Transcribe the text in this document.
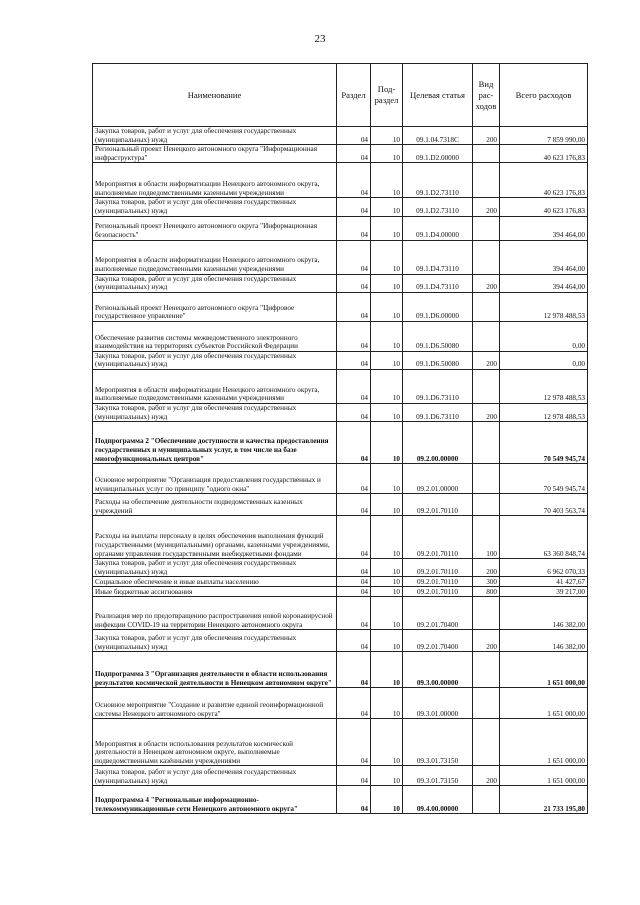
23
Наименование	Раздел	Под-раздел	Целевая статья	Вид рас-ходов	Всего расходов
Закупка товаров, работ и услуг для обеспечения государственных (муниципальных) нужд	04	10	09.1.04.7318C	200	7 859 990,00
Региональный проект Ненецкого автономного округа "Информационная инфраструктура"	04	10	09.1.D2.00000		40 623 176,83
Мероприятия в области информатизации Ненецкого автономного округа, выполняемые подведомственными казенными учреждениями	04	10	09.1.D2.73110		40 623 176,83
Закупка товаров, работ и услуг для обеспечения государственных (муниципальных) нужд	04	10	09.1.D2.73110	200	40 623 176,83
Региональный проект Ненецкого автономного округа "Информационная безопасность"	04	10	09.1.D4.00000		394 464,00
Мероприятия в области информатизации Ненецкого автономного округа, выполняемые подведомственными казенными учреждениями	04	10	09.1.D4.73110		394 464,00
Закупка товаров, работ и услуг для обеспечения государственных (муниципальных) нужд	04	10	09.1.D4.73110	200	394 464,00
Региональный проект Ненецкого автономного округа "Цифровое государственное управление"	04	10	09.1.D6.00000		12 978 488,53
Обеспечение развития системы межведомственного электронного взаимодействия на территориях субъектов Российской Федерации	04	10	09.1.D6.50080		0,00
Закупка товаров, работ и услуг для обеспечения государственных (муниципальных) нужд	04	10	09.1.D6.50080	200	0,00
Мероприятия в области информатизации Ненецкого автономного округа, выполняемые подведомственными казенными учреждениями	04	10	09.1.D6.73110		12 978 488,53
Закупка товаров, работ и услуг для обеспечения государственных (муниципальных) нужд	04	10	09.1.D6.73110	200	12 978 488,53
Подпрограмма 2 "Обеспечение доступности и качества предоставления государственных и муниципальных услуг, в том числе на базе многофункциональных центров"	04	10	09.2.00.00000		70 549 945,74
Основное мероприятие "Организация предоставления государственных и муниципальных услуг по принципу "одного окна"	04	10	09.2.01.00000		70 549 945,74
Расходы на обеспечение деятельности подведомственных казенных учреждений	04	10	09.2.01.70110		70 403 563,74
Расходы на выплаты персоналу в целях обеспечения выполнения функций государственными (муниципальными) органами, казенными учреждениями, органами управления государственными внебюджетными фондами	04	10	09.2.01.70110	100	63 360 848,74
Закупка товаров, работ и услуг для обеспечения государственных (муниципальных) нужд	04	10	09.2.01.70110	200	6 962 070,33
Социальное обеспечение и иные выплаты населению	04	10	09.2.01.70110	300	41 427,67
Иные бюджетные ассигнования	04	10	09.2.01.70110	800	39 217,00
Реализация мер по предотвращению распространения новой коронавирусной инфекции COVID-19 на территории Ненецкого автономного округа	04	10	09.2.01.70400		146 382,00
Закупка товаров, работ и услуг для обеспечения государственных (муниципальных) нужд	04	10	09.2.01.70400	200	146 382,00
Подпрограмма 3 "Организация деятельности в области использования результатов космической деятельности в Ненецком автономном округе"	04	10	09.3.00.00000		1 651 000,00
Основное мероприятие "Создание и развитие единой геоинформационной системы Ненецкого автономного округа"	04	10	09.3.01.00000		1 651 000,00
Мероприятия в области использования результатов космической деятельности в Ненецком автономном округе, выполняемые подведомственными казёнными учреждениями	04	10	09.3.01.73150		1 651 000,00
Закупка товаров, работ и услуг для обеспечения государственных (муниципальных) нужд	04	10	09.3.01.73150	200	1 651 000,00
Подпрограмма 4 "Региональные информационно-телекоммуникационные сети Ненецкого автономного округа"	04	10	09.4.00.00000		21 733 195,80
